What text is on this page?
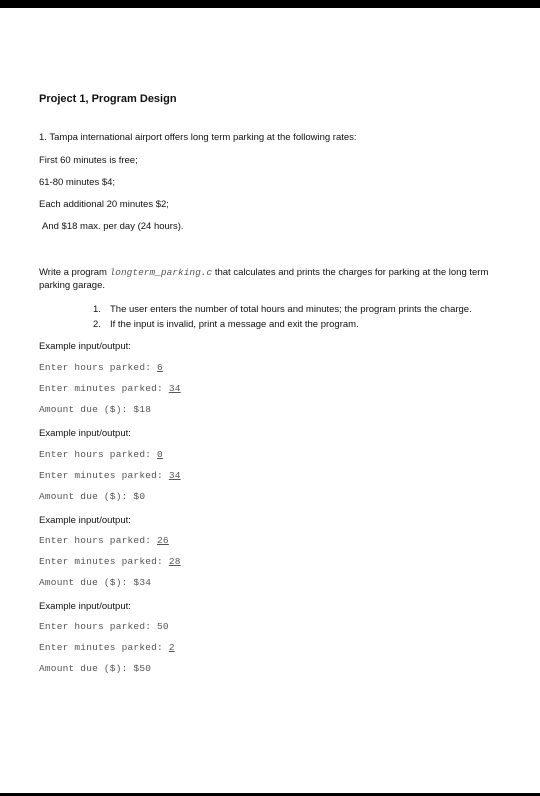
Project 1, Program Design
1. Tampa international airport offers long term parking at the following rates:
First 60 minutes is free;
61-80 minutes $4;
Each additional 20 minutes $2;
And $18 max. per day (24 hours).
Write a program longterm_parking.c that calculates and prints the charges for parking at the long term parking garage.
1. The user enters the number of total hours and minutes; the program prints the charge.
2. If the input is invalid, print a message and exit the program.
Example input/output:
Enter hours parked: 6
Enter minutes parked: 34
Amount due ($): $18
Example input/output:
Enter hours parked: 0
Enter minutes parked: 34
Amount due ($): $0
Example input/output:
Enter hours parked: 26
Enter minutes parked: 28
Amount due ($): $34
Example input/output:
Enter hours parked: 50
Enter minutes parked: 2
Amount due ($): $50
